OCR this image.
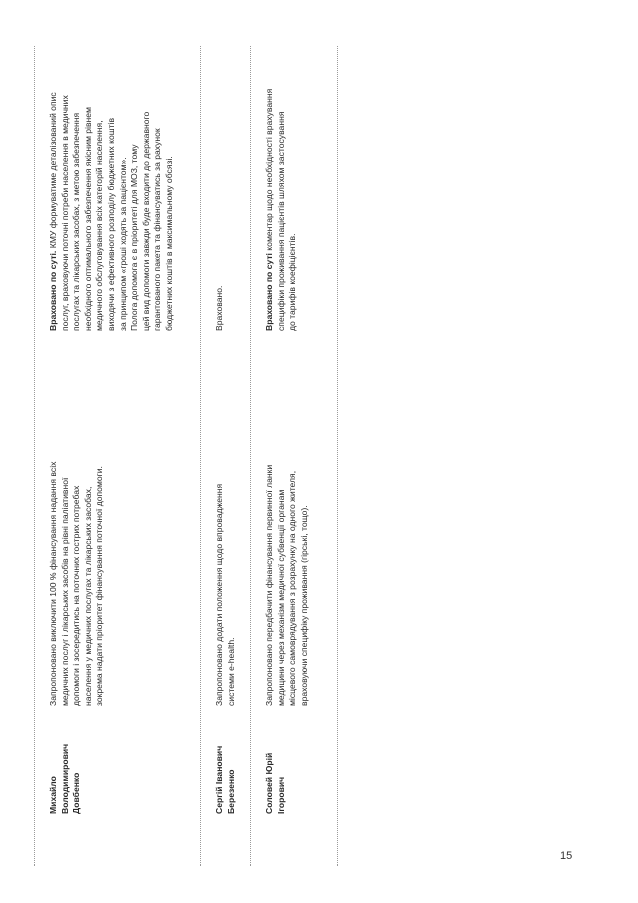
Михайло
Володимирович
Довбенко
Запропоновано виключити 100 % фінансування надання всіх
медичних послуг і лікарських засобів на рівні паліативної
допомоги і зосередитись на поточних гострих потребах
населення у медичних послугах та лікарських засобах,
зокрема надати пріоритет фінансування поточної допомоги.
Враховано по суті. КМУ формуватиме деталізований опис
послуг, враховуючи поточні потреби населення в медичних
послугах та лікарських засобах, з метою забезпечення
необхідного оптимального забезпечення якісним рівнем
медичного обслуговування всіх категорій населення,
виходячи з ефективного розподілу бюджетних коштів
за принципом «гроші ходять за пацієнтом».
Полога допомога є в пріоритеті для МОЗ, тому
цей вид допомоги завжди буде входити до державного
гарантованого пакета та фінансуватись за рахунок
бюджетних коштів в максимальному обсязі.
Сергій Іванович
Березенко
Запропоновано додати положення щодо впровадження
системи e-health.
Враховано.
Соловей Юрій
Ігорович
Запропоновано передбачити фінансування первинної ланки
медицини через механізм медичної субвенції органам
місцевого самоврядування з розрахунку на одного жителя,
враховуючи специфіку проживання (гірські, тощо).
Враховано по суті коментар щодо необхідності врахування
специфіки проживання пацієнтів шляхом застосування
до тарифів коефіцієнтів.
15
